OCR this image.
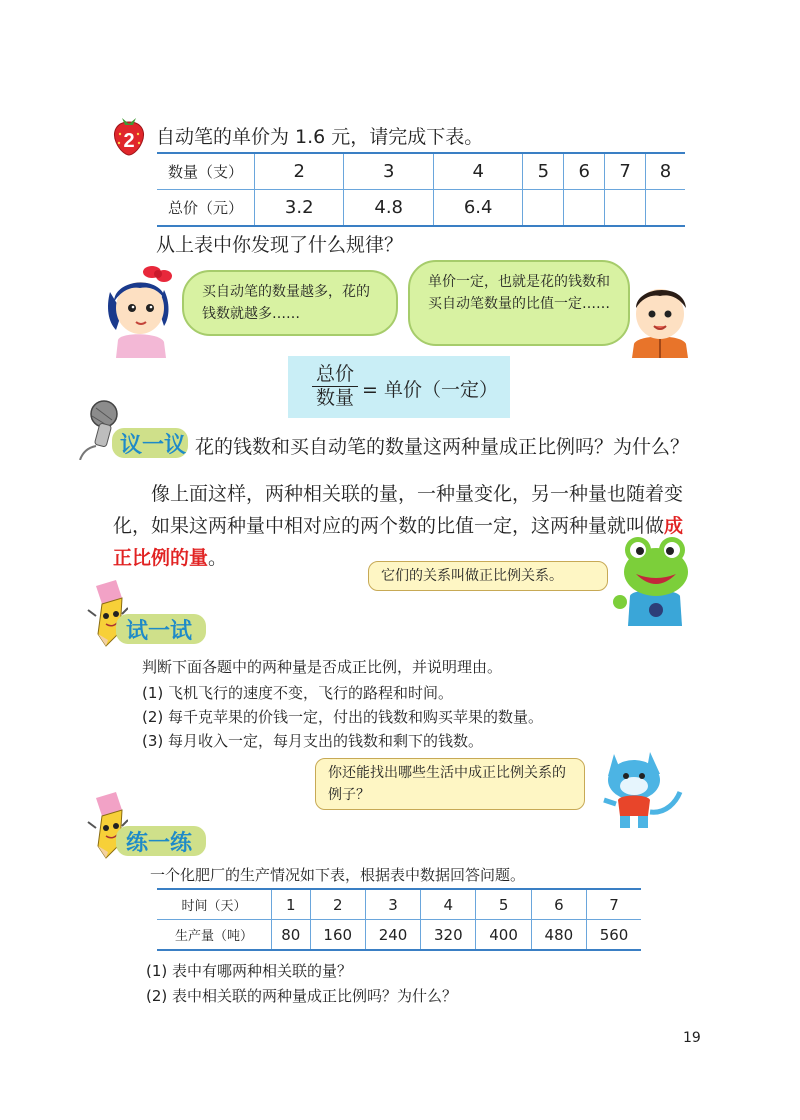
2 自动笔的单价为 1.6 元，请完成下表。
数量（支）	2	3	4	5	6	7	8
总价（元）	3.2	4.8	6.4				
从上表中你发现了什么规律？
买自动笔的数量越多，花的钱数就越多……
单价一定，也就是花的钱数和买自动笔数量的比值一定……
总价
数量 = 单价（一定）
议一议 花的钱数和买自动笔的数量这两种量成正比例吗？为什么？
像上面这样，两种相关联的量，一种量变化，另一种量也随着变化，如果这两种量中相对应的两个数的比值一定，这两种量就叫做成正比例的量。
它们的关系叫做正比例关系。
试一试
判断下面各题中的两种量是否成正比例，并说明理由。
(1) 飞机飞行的速度不变，飞行的路程和时间。
(2) 每千克苹果的价钱一定，付出的钱数和购买苹果的数量。
(3) 每月收入一定，每月支出的钱数和剩下的钱数。
你还能找出哪些生活中成正比例关系的例子？
练一练
一个化肥厂的生产情况如下表，根据表中数据回答问题。
时间（天）	1	2	3	4	5	6	7
生产量（吨）	80	160	240	320	400	480	560
(1) 表中有哪两种相关联的量？
(2) 表中相关联的两种量成正比例吗？为什么？
19
